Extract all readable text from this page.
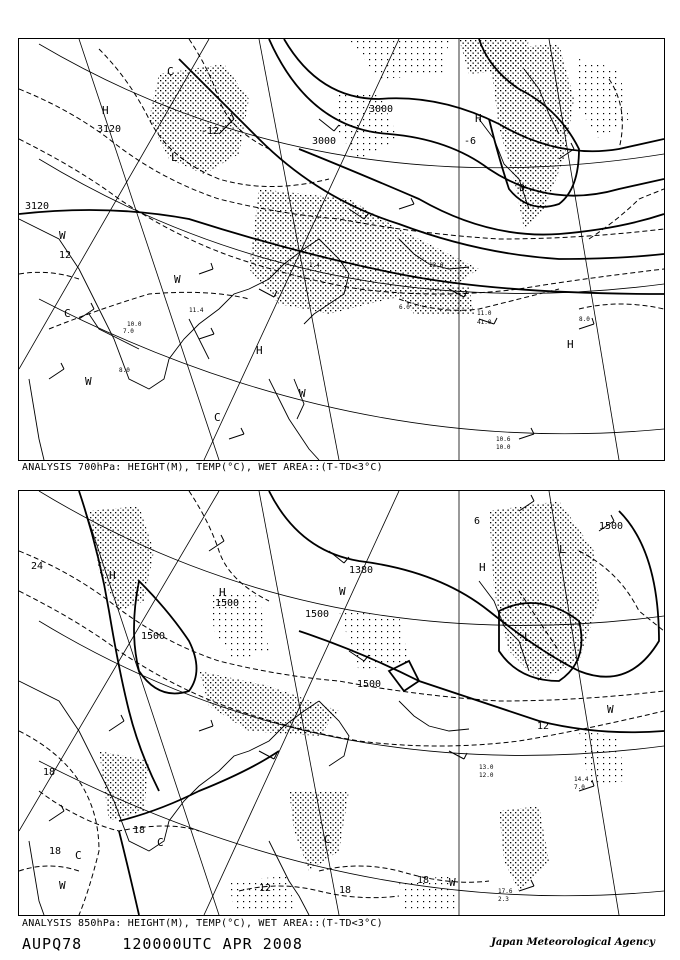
11.0
41.0
6.0
8.0
10.0
7.0
10.6
10.0
11.4
8.0
1.4	13.0
3000
3120
3120
3000
12
0
-6
-12
H
L
H
H	H
W
W
W
W
C
C
C
ANALYSIS 700hPa: HEIGHT(M), TEMP(°C), WET AREA::(T-TD<3°C)
17.6
2.3
14.4
7.0
13.0
12.0
1500
1500
1500
1380
1500
1500
24
18
18
18
18
18
12
6
12
H
H
H
L
L
W
W
W
W
C
C	C
ANALYSIS 850hPa: HEIGHT(M), TEMP(°C), WET AREA::(T-TD<3°C)
AUPQ78	120000UTC APR 2008	Japan Meteorological Agency
